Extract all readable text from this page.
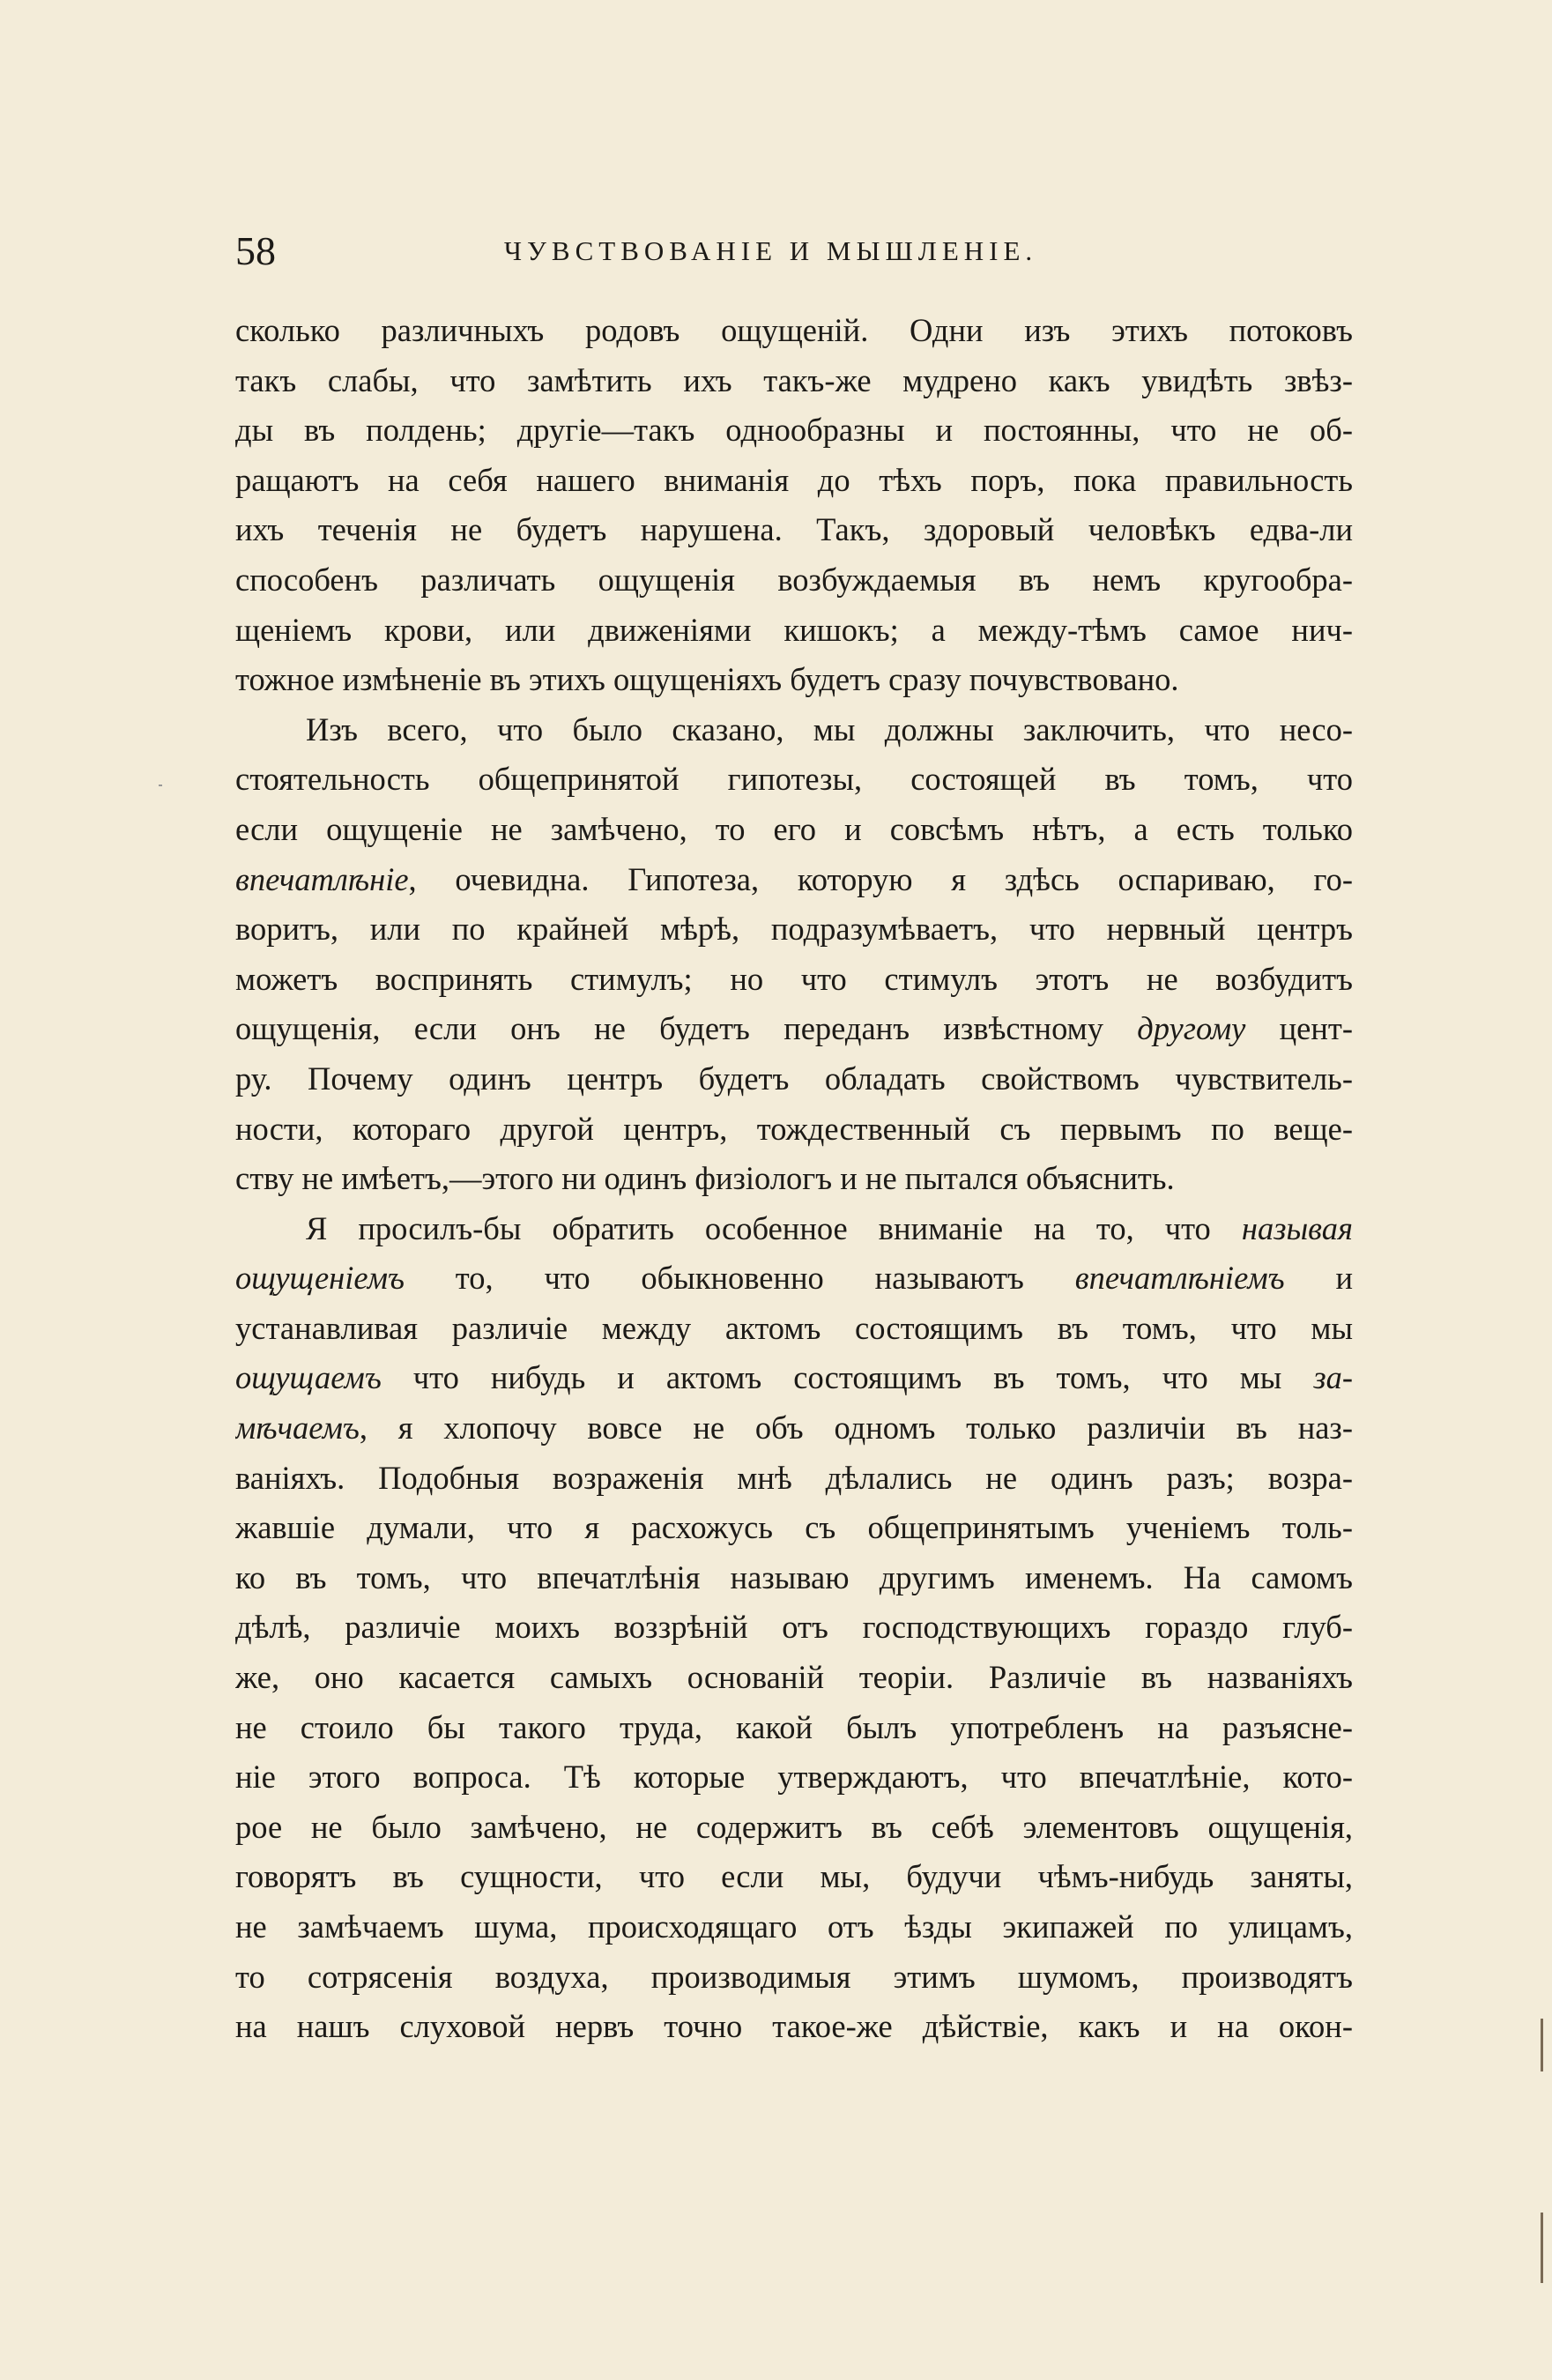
58	ЧУВСТВОВАНІЕ И МЫШЛЕНІЕ.
сколько различныхъ родовъ ощущеній. Одни изъ этихъ потоковъ
такъ слабы, что замѣтить ихъ такъ-же мудрено какъ увидѣть звѣз-
ды въ полдень; другіе—такъ однообразны и постоянны, что не об-
ращаютъ на себя нашего вниманія до тѣхъ поръ, пока правильность
ихъ теченія не будетъ нарушена. Такъ, здоровый человѣкъ едва-ли
способенъ различать ощущенія возбуждаемыя въ немъ кругообра-
щеніемъ крови, или движеніями кишокъ; а между-тѣмъ самое нич-
тожное измѣненіе въ этихъ ощущеніяхъ будетъ сразу почувствовано.
Изъ всего, что было сказано, мы должны заключить, что несо-
стоятельность общепринятой гипотезы, состоящей въ томъ, что
если ощущеніе не замѣчено, то его и совсѣмъ нѣтъ, а есть только
впечатлѣніе, очевидна. Гипотеза, которую я здѣсь оспариваю, го-
воритъ, или по крайней мѣрѣ, подразумѣваетъ, что нервный центръ
можетъ воспринять стимулъ; но что стимулъ этотъ не возбудитъ
ощущенія, если онъ не будетъ переданъ извѣстному другому цент-
ру. Почему одинъ центръ будетъ обладать свойствомъ чувствитель-
ности, котораго другой центръ, тождественный съ первымъ по веще-
ству не имѣетъ,—этого ни одинъ физіологъ и не пытался объяснить.
Я просилъ-бы обратить особенное вниманіе на то, что называя
ощущеніемъ то, что обыкновенно называютъ впечатлѣніемъ и
устанавливая различіе между актомъ состоящимъ въ томъ, что мы
ощущаемъ что нибудь и актомъ состоящимъ въ томъ, что мы за-
мѣчаемъ, я хлопочу вовсе не объ одномъ только различіи въ наз-
ваніяхъ. Подобныя возраженія мнѣ дѣлались не одинъ разъ; возра-
жавшіе думали, что я расхожусь съ общепринятымъ ученіемъ толь-
ко въ томъ, что впечатлѣнія называю другимъ именемъ. На самомъ
дѣлѣ, различіе моихъ воззрѣній отъ господствующихъ гораздо глуб-
же, оно касается самыхъ основаній теоріи. Различіе въ названіяхъ
не стоило бы такого труда, какой былъ употребленъ на разъясне-
ніе этого вопроса. Тѣ которые утверждаютъ, что впечатлѣніе, кото-
рое не было замѣчено, не содержитъ въ себѣ элементовъ ощущенія,
говорятъ въ сущности, что если мы, будучи чѣмъ-нибудь заняты,
не замѣчаемъ шума, происходящаго отъ ѣзды экипажей по улицамъ,
то сотрясенія воздуха, производимыя этимъ шумомъ, производятъ
на нашъ слуховой нервъ точно такое-же дѣйствіе, какъ и на окон-
